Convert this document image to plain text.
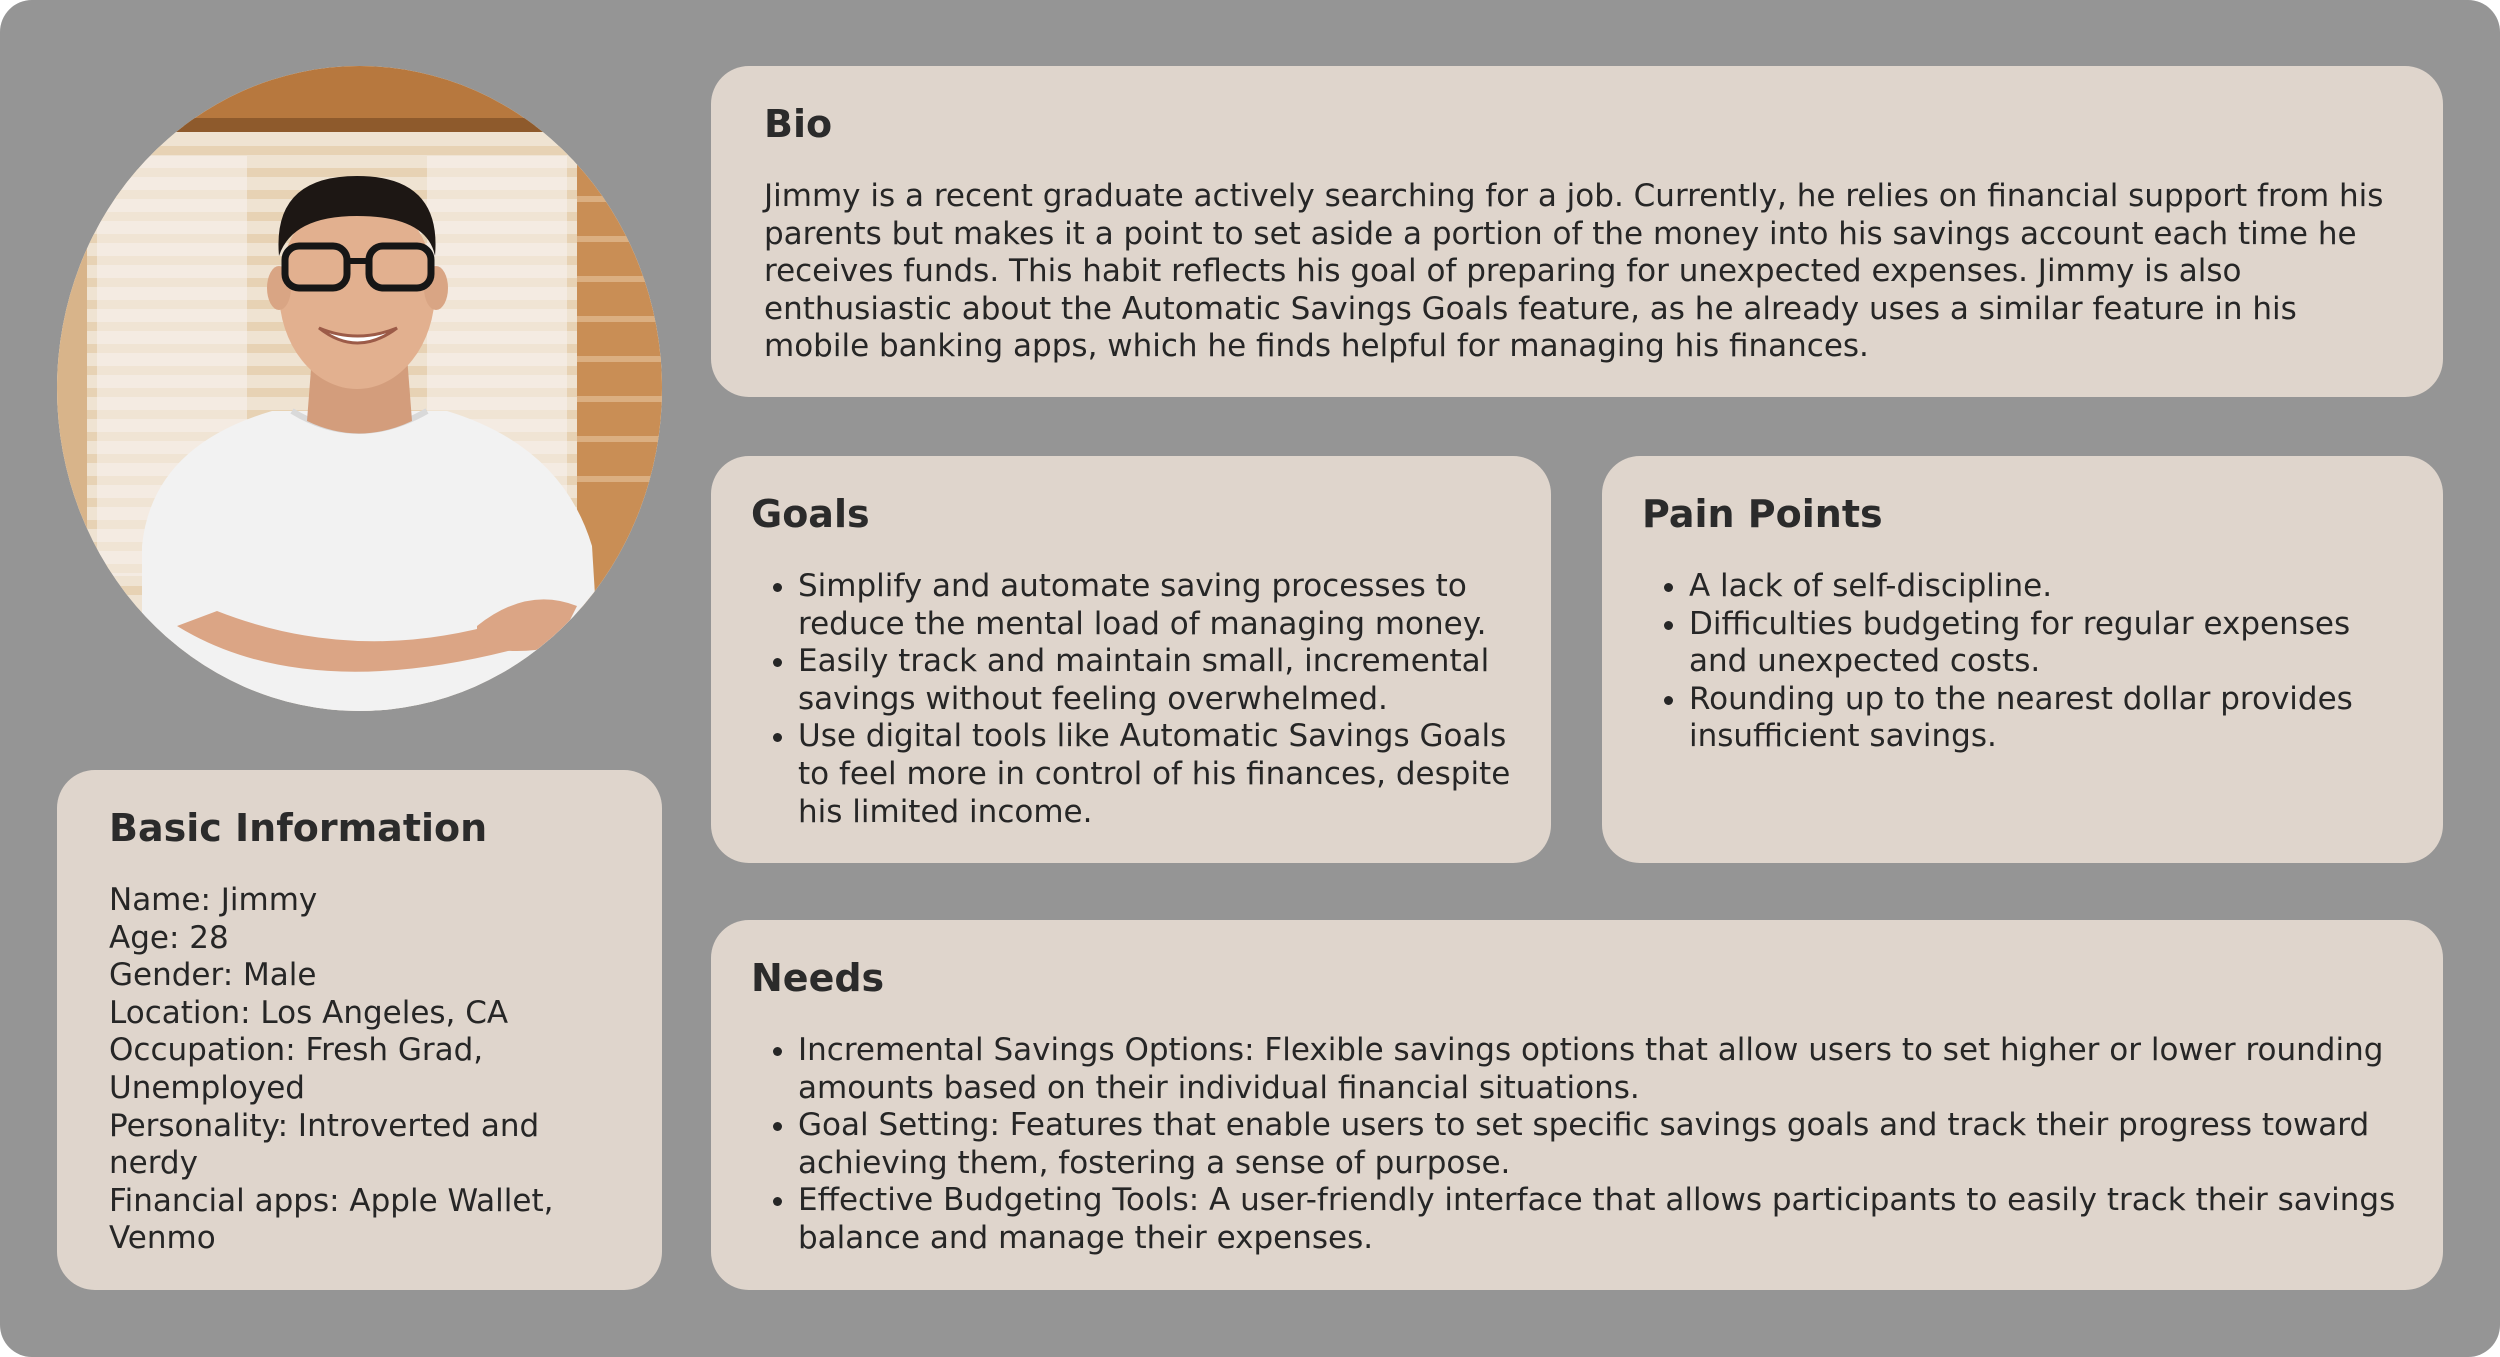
Basic Information
Name: Jimmy
Age: 28
Gender: Male
Location: Los Angeles, CA
Occupation: Fresh Grad,
Unemployed
Personality: Introverted and
nerdy
Financial apps: Apple Wallet,
Venmo
Bio

Jimmy is a recent graduate actively searching for a job. Currently, he relies on financial support from his parents but makes it a point to set aside a portion of the money into his savings account each time he receives funds. This habit reflects his goal of preparing for unexpected expenses. Jimmy is also enthusiastic about the Automatic Savings Goals feature, as he already uses a similar feature in his mobile banking apps, which he finds helpful for managing his finances.

Goals
• Simplify and automate saving processes to reduce the mental load of managing money.
• Easily track and maintain small, incremental savings without feeling overwhelmed.
• Use digital tools like Automatic Savings Goals to feel more in control of his finances, despite his limited income.
Pain Points
• A lack of self-discipline.
• Difficulties budgeting for regular expenses and unexpected costs.
• Rounding up to the nearest dollar provides insufficient savings.
Needs
• Incremental Savings Options: Flexible savings options that allow users to set higher or lower rounding amounts based on their individual financial situations.
• Goal Setting: Features that enable users to set specific savings goals and track their progress toward achieving them, fostering a sense of purpose.
• Effective Budgeting Tools: A user-friendly interface that allows participants to easily track their savings balance and manage their expenses.
